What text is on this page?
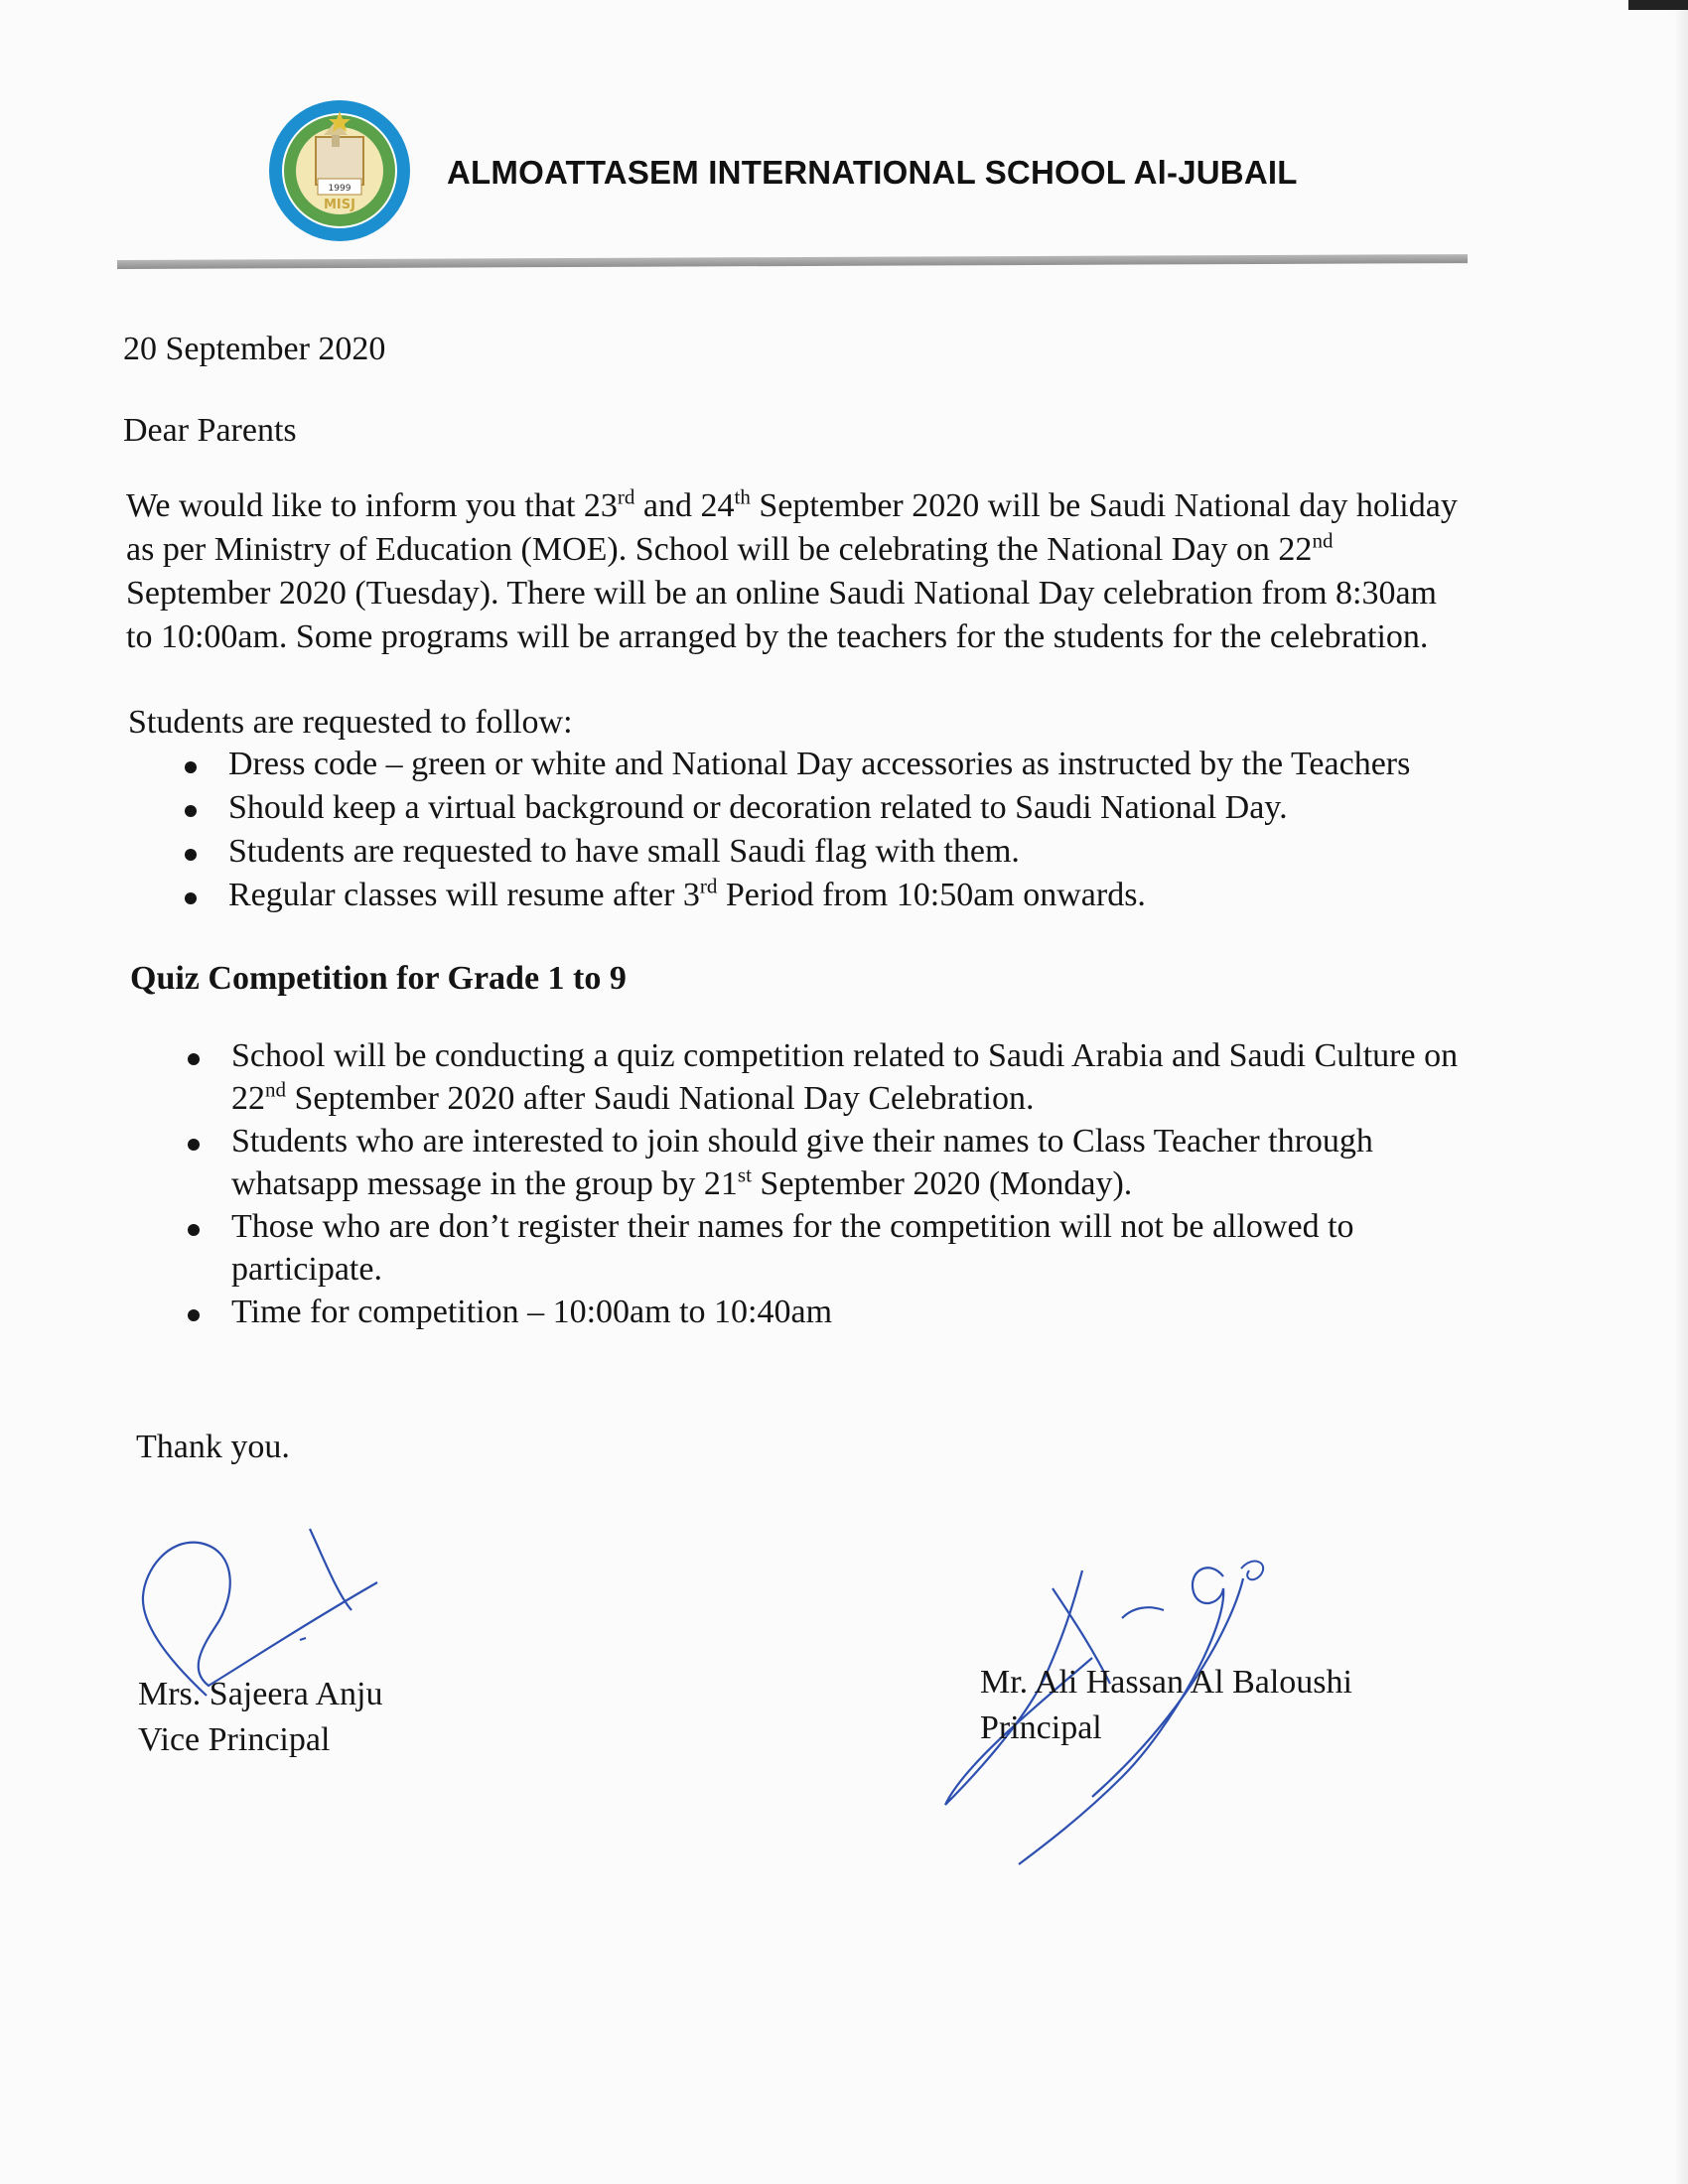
1999
MISJ
ALMOATTASEM INTERNATIONAL SCHOOL Al-JUBAIL
20 September 2020
Dear Parents
We would like to inform you that 23rd and 24th September 2020 will be Saudi National day holiday
as per Ministry of Education (MOE). School will be celebrating the National Day on 22nd
September 2020 (Tuesday). There will be an online Saudi National Day celebration from 8:30am
to 10:00am. Some programs will be arranged by the teachers for the students for the celebration.
Students are requested to follow:
Dress code – green or white and National Day accessories as instructed by the Teachers
Should keep a virtual background or decoration related to Saudi National Day.
Students are requested to have small Saudi flag with them.
Regular classes will resume after 3rd Period from 10:50am onwards.
Quiz Competition for Grade 1 to 9
School will be conducting a quiz competition related to Saudi Arabia and Saudi Culture on
22nd September 2020 after Saudi National Day Celebration.
Students who are interested to join should give their names to Class Teacher through
whatsapp message in the group by 21st September 2020 (Monday).
Those who are don’t register their names for the competition will not be allowed to
participate.
Time for competition – 10:00am to 10:40am
Thank you.
Mrs. Sajeera Anju
Vice Principal
Mr. Ali Hassan Al Baloushi
Principal
